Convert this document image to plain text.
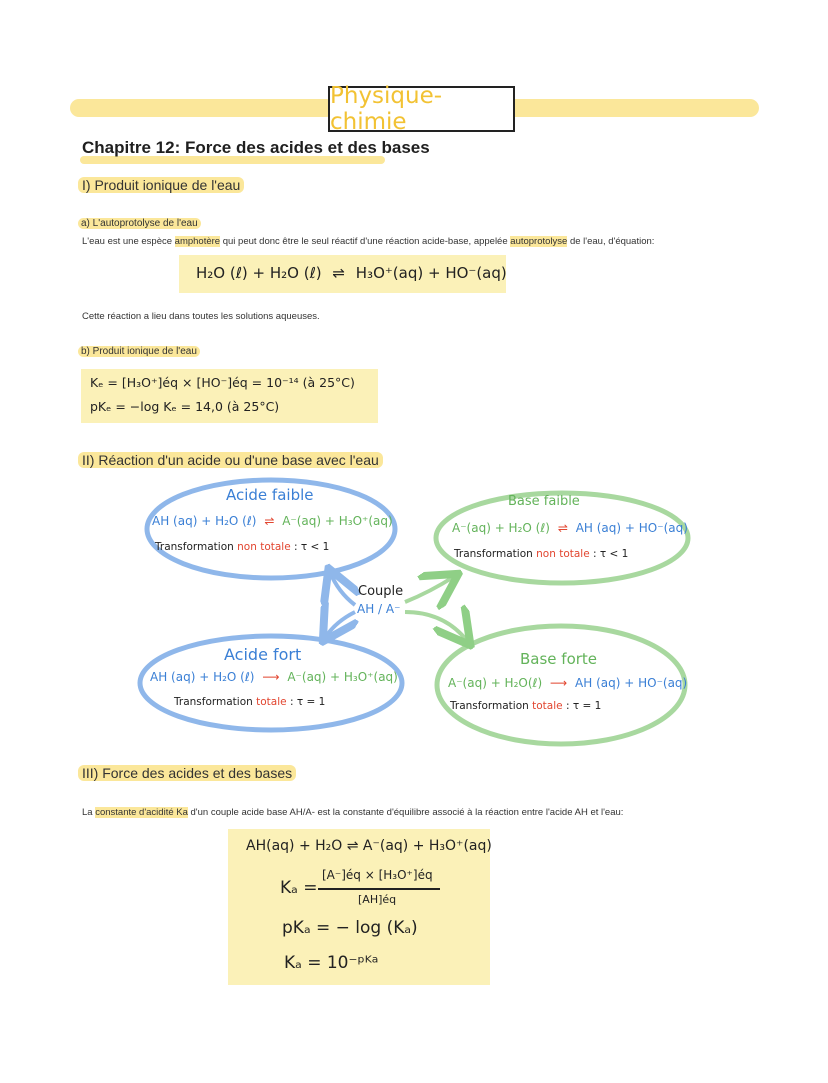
Physique-chimie
Chapitre 12: Force des acides et des bases
I) Produit ionique de l'eau
a) L'autoprotolyse de l'eau
L'eau est une espèce amphotère qui peut donc être le seul réactif d'une réaction acide-base, appelée autoprotolyse de l'eau, d'équation:
H₂O (ℓ) + H₂O (ℓ) ⇌ H₃O⁺(aq) + HO⁻(aq)
Cette réaction a lieu dans toutes les solutions aqueuses.
b) Produit ionique de l'eau
Kₑ = [H₃O⁺]éq × [HO⁻]éq = 10⁻¹⁴ (à 25°C)
pKₑ = −log Kₑ = 14,0 (à 25°C)
II) Réaction d'un acide ou d'une base avec l'eau
Acide faible
AH (aq) + H₂O (ℓ) ⇌ A⁻(aq) + H₃O⁺(aq)
Transformation non totale : τ < 1
Base faible
A⁻(aq) + H₂O (ℓ) ⇌ AH (aq) + HO⁻(aq)
Transformation non totale : τ < 1
Couple
AH / A⁻
Acide fort
AH (aq) + H₂O (ℓ) ⟶ A⁻(aq) + H₃O⁺(aq)
Transformation totale : τ = 1
Base forte
A⁻(aq) + H₂O(ℓ) ⟶ AH (aq) + HO⁻(aq)
Transformation totale : τ = 1
III) Force des acides et des bases
La constante d'acidité Ka d'un couple acide base AH/A- est la constante d'équilibre associé à la réaction entre l'acide AH et l'eau:
AH(aq) + H₂O ⇌ A⁻(aq) + H₃O⁺(aq)
Kₐ =
[A⁻]éq × [H₃O⁺]éq
[AH]éq
pKₐ = − log (Kₐ)
Kₐ = 10⁻ᵖᴷᵃ
